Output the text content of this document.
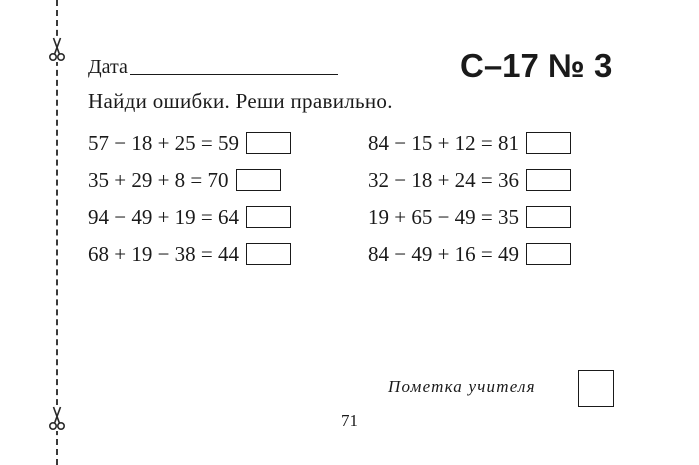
Дата	С–17 № 3
Найди ошибки. Реши правильно.
57 − 18 + 25 = 59
35 + 29 + 8 = 70
94 − 49 + 19 = 64
68 + 19 − 38 = 44
84 − 15 + 12 = 81
32 − 18 + 24 = 36
19 + 65 − 49 = 35
84 − 49 + 16 = 49
Пометка учителя
71
